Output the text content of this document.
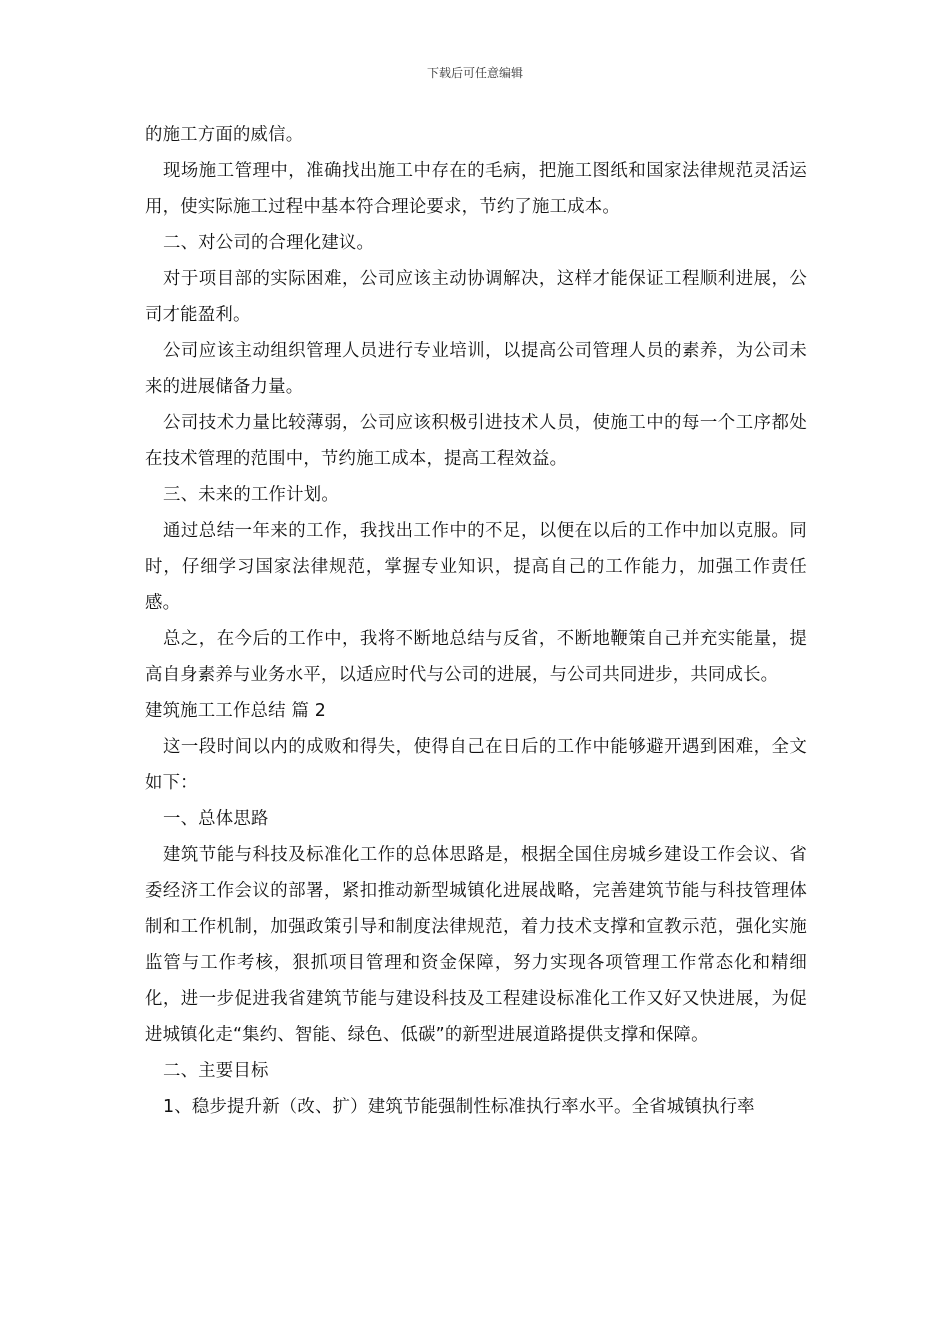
下载后可任意编辑

的施工方面的威信。

现场施工管理中，准确找出施工中存在的毛病，把施工图纸和国家法律规范灵活运用，使实际施工过程中基本符合理论要求，节约了施工成本。

二、对公司的合理化建议。

对于项目部的实际困难，公司应该主动协调解决，这样才能保证工程顺利进展，公司才能盈利。

公司应该主动组织管理人员进行专业培训，以提高公司管理人员的素养，为公司未来的进展储备力量。

公司技术力量比较薄弱，公司应该积极引进技术人员，使施工中的每一个工序都处在技术管理的范围中，节约施工成本，提高工程效益。

三、未来的工作计划。

通过总结一年来的工作，我找出工作中的不足，以便在以后的工作中加以克服。同时，仔细学习国家法律规范，掌握专业知识，提高自己的工作能力，加强工作责任感。

总之，在今后的工作中，我将不断地总结与反省，不断地鞭策自己并充实能量，提高自身素养与业务水平，以适应时代与公司的进展，与公司共同进步，共同成长。

建筑施工工作总结 篇 2

这一段时间以内的成败和得失，使得自己在日后的工作中能够避开遇到困难，全文如下：

一、总体思路

建筑节能与科技及标准化工作的总体思路是，根据全国住房城乡建设工作会议、省委经济工作会议的部署，紧扣推动新型城镇化进展战略，完善建筑节能与科技管理体制和工作机制，加强政策引导和制度法律规范，着力技术支撑和宣教示范，强化实施监管与工作考核，狠抓项目管理和资金保障，努力实现各项管理工作常态化和精细化，进一步促进我省建筑节能与建设科技及工程建设标准化工作又好又快进展，为促进城镇化走“集约、智能、绿色、低碳”的新型进展道路提供支撑和保障。

二、主要目标

1、稳步提升新（改、扩）建筑节能强制性标准执行率水平。全省城镇执行率
